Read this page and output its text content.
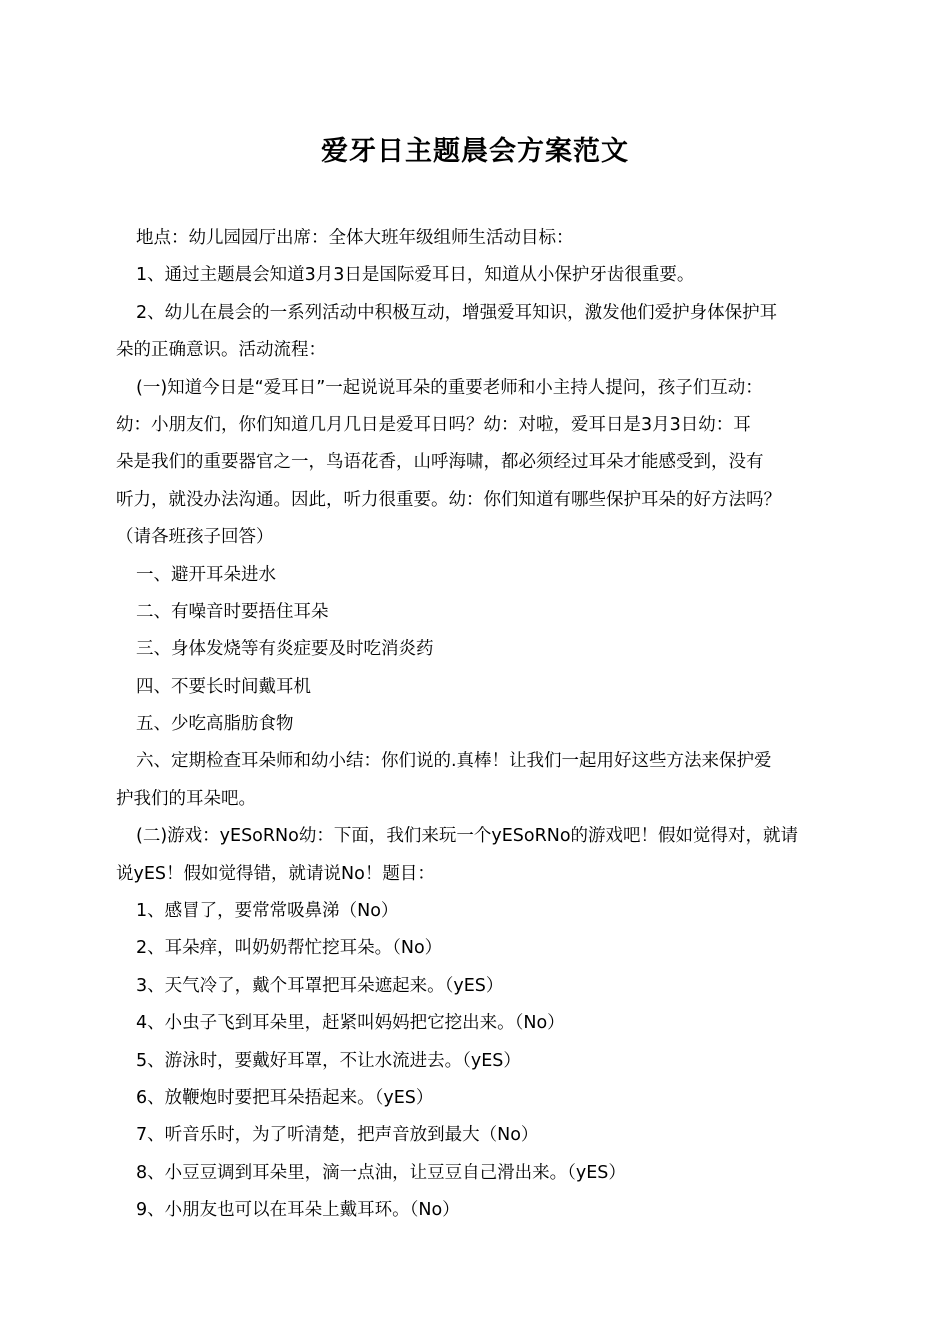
爱牙日主题晨会方案范文
地点：幼儿园园厅出席：全体大班年级组师生活动目标：
1、通过主题晨会知道3月3日是国际爱耳日，知道从小保护牙齿很重要。
2、幼儿在晨会的一系列活动中积极互动，增强爱耳知识，激发他们爱护身体保护耳
朵的正确意识。活动流程：
(一)知道今日是“爱耳日”一起说说耳朵的重要老师和小主持人提问，孩子们互动：
幼：小朋友们，你们知道几月几日是爱耳日吗？幼：对啦，爱耳日是3月3日幼：耳
朵是我们的重要器官之一，鸟语花香，山呼海啸，都必须经过耳朵才能感受到，没有
听力，就没办法沟通。因此，听力很重要。幼：你们知道有哪些保护耳朵的好方法吗？
（请各班孩子回答）
一、避开耳朵进水
二、有噪音时要捂住耳朵
三、身体发烧等有炎症要及时吃消炎药
四、不要长时间戴耳机
五、少吃高脂肪食物
六、定期检查耳朵师和幼小结：你们说的.真棒！让我们一起用好这些方法来保护爱
护我们的耳朵吧。
(二)游戏：yESoRNo幼：下面，我们来玩一个yESoRNo的游戏吧！假如觉得对，就请
说yES！假如觉得错，就请说No！题目：
1、感冒了，要常常吸鼻涕（No）
2、耳朵痒，叫奶奶帮忙挖耳朵。（No）
3、天气冷了，戴个耳罩把耳朵遮起来。（yES）
4、小虫子飞到耳朵里，赶紧叫妈妈把它挖出来。（No）
5、游泳时，要戴好耳罩，不让水流进去。（yES）
6、放鞭炮时要把耳朵捂起来。（yES）
7、听音乐时，为了听清楚，把声音放到最大（No）
8、小豆豆调到耳朵里，滴一点油，让豆豆自己滑出来。（yES）
9、小朋友也可以在耳朵上戴耳环。（No）
